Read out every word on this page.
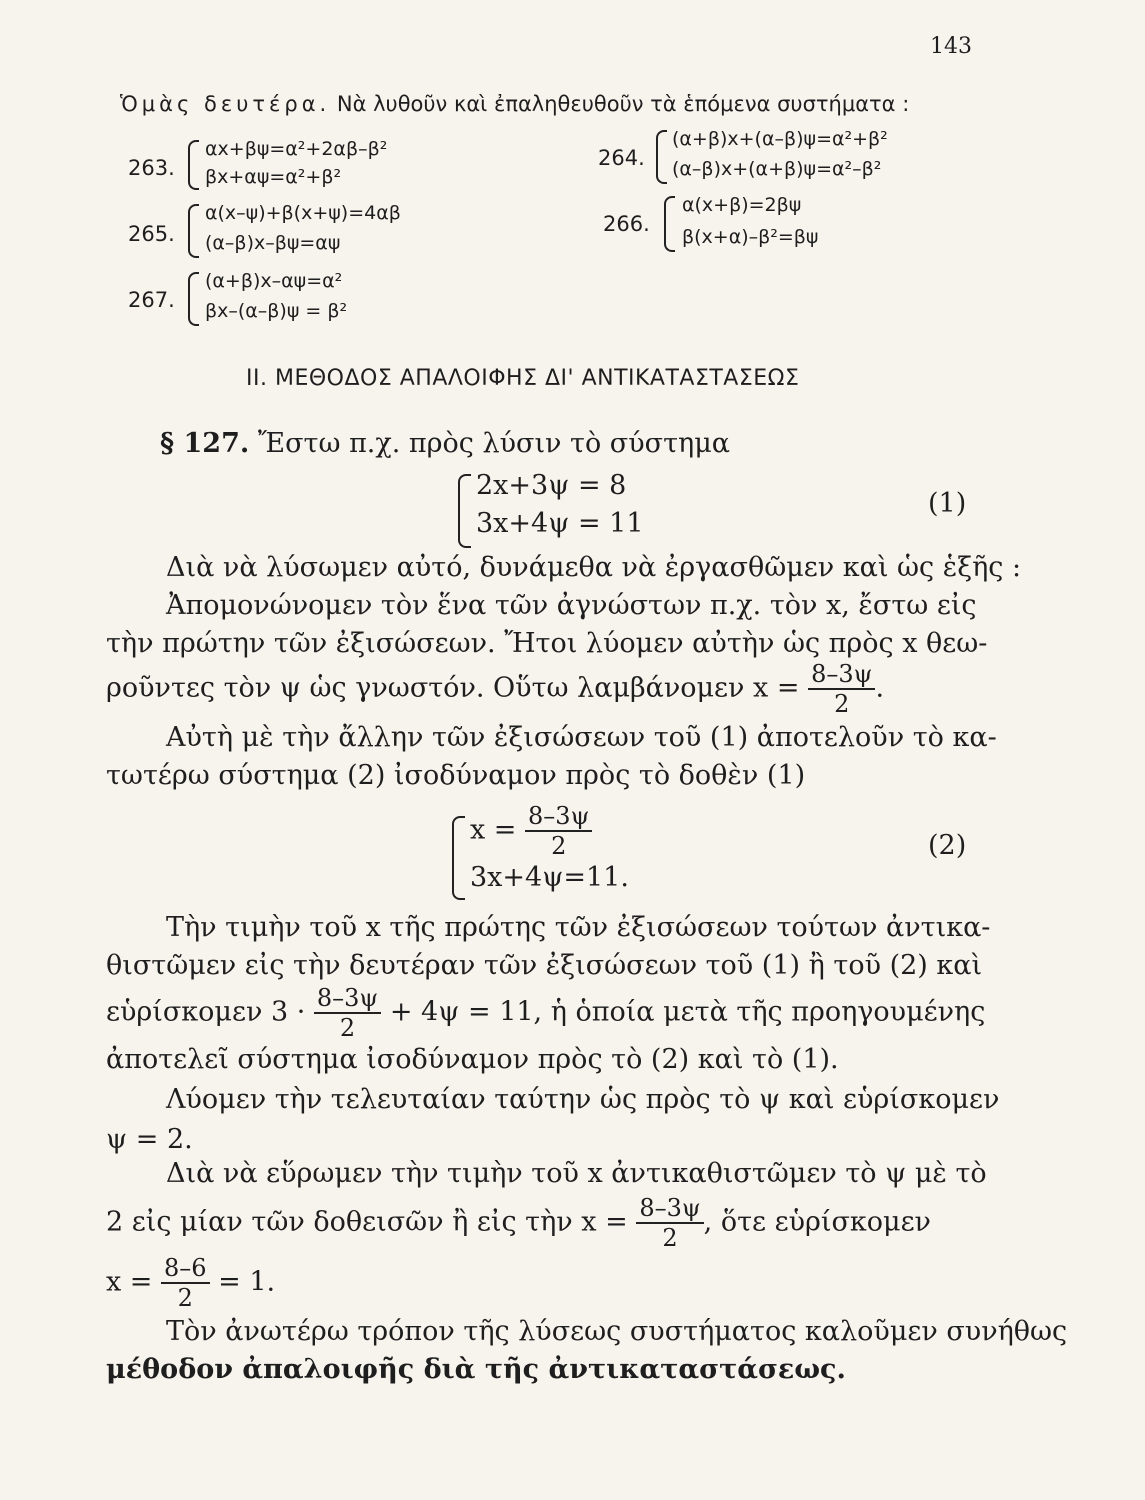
143
Ὁμὰς δευτέρα. Νὰ λυθοῦν καὶ ἐπαληθευθοῦν τὰ ἑπόμενα συστήματα :
263.
αx+βψ=α²+2αβ–β²
βx+αψ=α²+β²
264.
(α+β)x+(α–β)ψ=α²+β²
(α–β)x+(α+β)ψ=α²–β²
265.
α(x–ψ)+β(x+ψ)=4αβ
(α–β)x–βψ=αψ
266.
α(x+β)=2βψ
β(x+α)–β²=βψ
267.
(α+β)x–αψ=α²
βx–(α–β)ψ = β²
II. ΜΕΘΟΔΟΣ ΑΠΑΛΟΙΦΗΣ ΔΙ' ΑΝΤΙΚΑΤΑΣΤΑΣΕΩΣ
§ 127. Ἔστω π.χ. πρὸς λύσιν τὸ σύστημα
2x+3ψ = 8
3x+4ψ = 11
(1)
Διὰ νὰ λύσωμεν αὐτό, δυνάμεθα νὰ ἐργασθῶμεν καὶ ὡς ἑξῆς :
Ἀπομονώνομεν τὸν ἕνα τῶν ἀγνώστων π.χ. τὸν x, ἔστω εἰς
τὴν πρώτην τῶν ἐξισώσεων. Ἤτοι λύομεν αὐτὴν ὡς πρὸς x θεω-
ροῦντες τὸν ψ ὡς γνωστόν. Οὕτω λαμβάνομεν $x = \frac{8-3\psi}{2}$ .
Αὐτὴ μὲ τὴν ἄλλην τῶν ἐξισώσεων τοῦ (1) ἀποτελοῦν τὸ κα-
τωτέρω σύστημα (2) ἰσοδύναμον πρὸς τὸ δοθὲν (1)
$x = \frac{8-3\psi}{2}$
3x+4ψ=11.
(2)
Τὴν τιμὴν τοῦ x τῆς πρώτης τῶν ἐξισώσεων τούτων ἀντικα-
θιστῶμεν εἰς τὴν δευτέραν τῶν ἐξισώσεων τοῦ (1) ἢ τοῦ (2) καὶ
εὑρίσκομεν $3 \cdot \frac{8-3\psi}{2} + 4\psi = 11$, ἡ ὁποία μετὰ τῆς προηγουμένης
ἀποτελεῖ σύστημα ἰσοδύναμον πρὸς τὸ (2) καὶ τὸ (1).
Λύομεν τὴν τελευταίαν ταύτην ὡς πρὸς τὸ ψ καὶ εὑρίσκομεν
ψ = 2.
Διὰ νὰ εὕρωμεν τὴν τιμὴν τοῦ x ἀντικαθιστῶμεν τὸ ψ μὲ τὸ
2 εἰς μίαν τῶν δοθεισῶν ἢ εἰς τὴν $x = \frac{8-3\psi}{2}$ , ὅτε εὑρίσκομεν
$x = \frac{8-6}{2} = 1$.
Τὸν ἀνωτέρω τρόπον τῆς λύσεως συστήματος καλοῦμεν συνήθως
μέθοδον ἀπαλοιφῆς διὰ τῆς ἀντικαταστάσεως.
